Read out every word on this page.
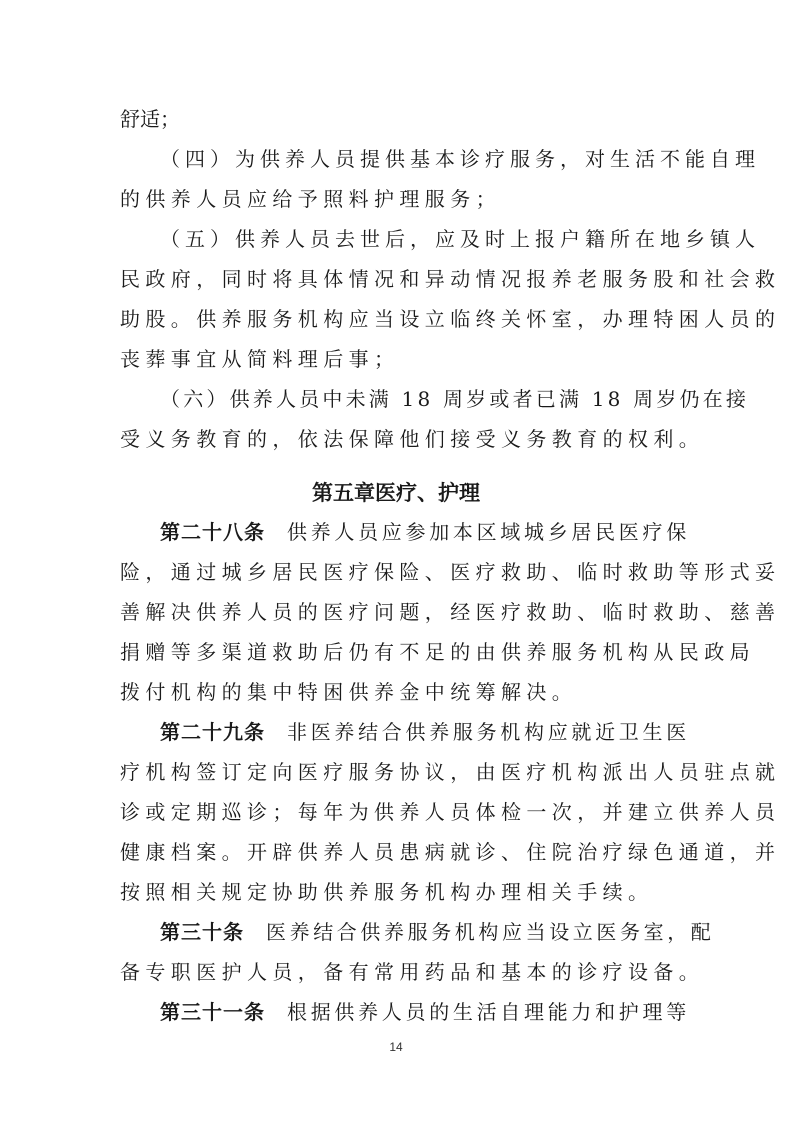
舒适；
（四）为供养人员提供基本诊疗服务，对生活不能自理
的供养人员应给予照料护理服务；
（五）供养人员去世后，应及时上报户籍所在地乡镇人
民政府，同时将具体情况和异动情况报养老服务股和社会救
助股。供养服务机构应当设立临终关怀室，办理特困人员的
丧葬事宜从简料理后事；
（六）供养人员中未满 18 周岁或者已满 18 周岁仍在接
受义务教育的，依法保障他们接受义务教育的权利。
第五章医疗、护理
第二十八条 供养人员应参加本区域城乡居民医疗保
险，通过城乡居民医疗保险、医疗救助、临时救助等形式妥
善解决供养人员的医疗问题，经医疗救助、临时救助、慈善
捐赠等多渠道救助后仍有不足的由供养服务机构从民政局
拨付机构的集中特困供养金中统筹解决。
第二十九条 非医养结合供养服务机构应就近卫生医
疗机构签订定向医疗服务协议，由医疗机构派出人员驻点就
诊或定期巡诊；每年为供养人员体检一次，并建立供养人员
健康档案。开辟供养人员患病就诊、住院治疗绿色通道，并
按照相关规定协助供养服务机构办理相关手续。
第三十条 医养结合供养服务机构应当设立医务室，配
备专职医护人员，备有常用药品和基本的诊疗设备。
第三十一条 根据供养人员的生活自理能力和护理等
14
